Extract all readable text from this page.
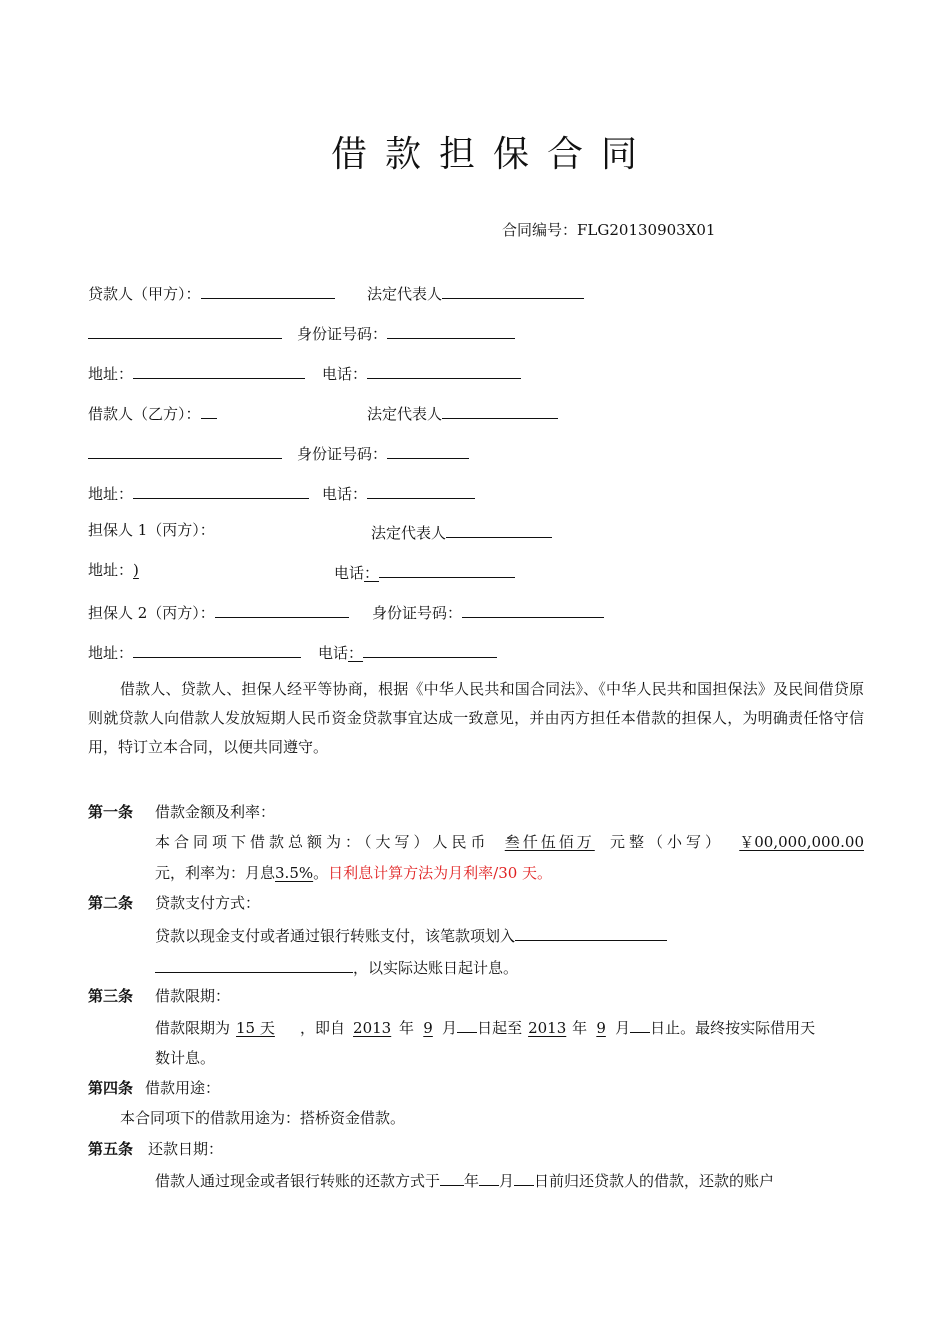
借款担保合同
合同编号：FLG20130903X01
贷款人（甲方）：	法定代表人
身份证号码：
地址：	电话：
借款人（乙方）：	法定代表人
身份证号码：
地址：	电话：
担保人 1（丙方）：	法定代表人
地址：)	电话：
担保人 2（丙方）：	身份证号码：
地址：	电话：
借款人、贷款人、担保人经平等协商，根据《中华人民共和国合同法》、《中华人民共和国担保法》及民间借贷原则就贷款人向借款人发放短期人民币资金贷款事宜达成一致意见，并由丙方担任本借款的担保人，为明确责任恪守信用，特订立本合同，以便共同遵守。
第一条 借款金额及利率：
本合同项下借款总额为：（大写）人民币 叁仟伍佰万 元整（小写） ￥00,000,000.00
元，利率为：月息3.5%。日利息计算方法为月利率/30 天。
第二条 贷款支付方式：
贷款以现金支付或者通过银行转账支付，该笔款项划入
，以实际达账日起计息。
第三条 借款限期：
借款限期为 15 天 ，即自 2013 年 9 月 日起至 2013 年 9 月 日止。最终按实际借用天
数计息。
第四条 借款用途：
本合同项下的借款用途为：搭桥资金借款。
第五条 还款日期：
借款人通过现金或者银行转账的还款方式于 年 月 日前归还贷款人的借款，还款的账户
